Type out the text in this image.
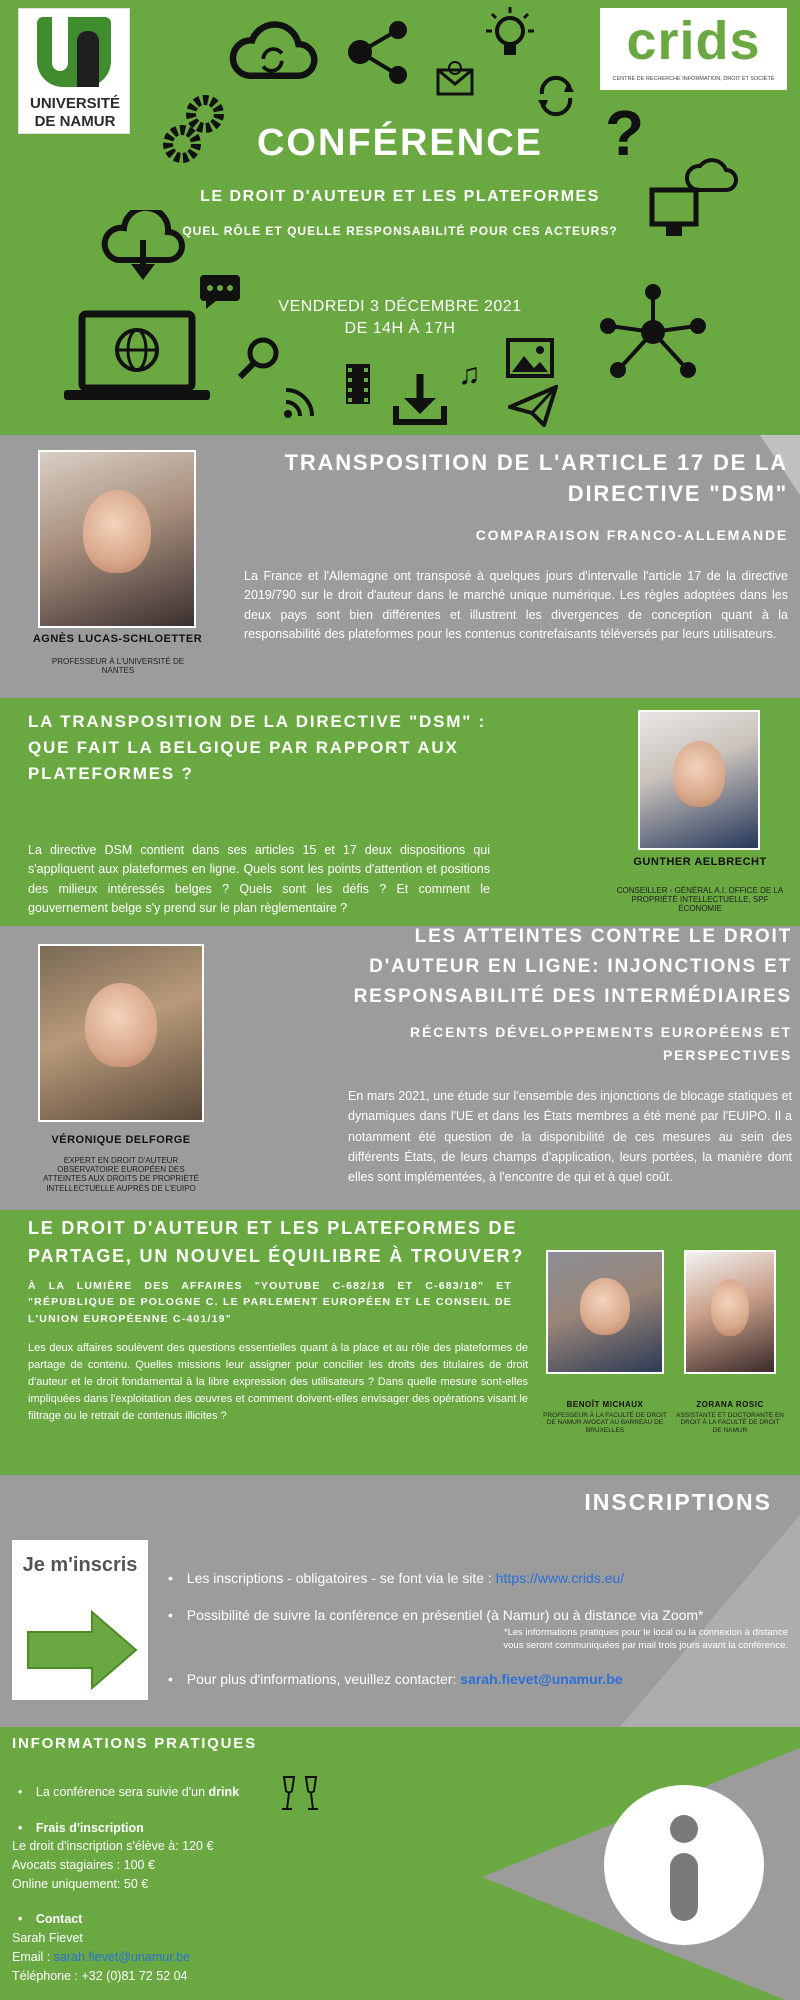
UNIVERSITÉ
DE NAMUR
crids
CENTRE DE RECHERCHE INFORMATION, DROIT ET SOCIÉTÉ
?
CONFÉRENCE
LE DROIT D'AUTEUR ET LES PLATEFORMES
QUEL RÔLE ET QUELLE RESPONSABILITÉ POUR CES ACTEURS?
VENDREDI 3 DÉCEMBRE 2021
DE 14H À 17H
♫
AGNÈS LUCAS-SCHLOETTER
PROFESSEUR À L'UNIVERSITÉ DE NANTES
TRANSPOSITION DE L'ARTICLE 17 DE LA
DIRECTIVE "DSM"
COMPARAISON FRANCO-ALLEMANDE
La France et l'Allemagne ont transposé à quelques jours d'intervalle l'article 17 de la directive 2019/790 sur le droit d'auteur dans le marché unique numérique. Les règles adoptées dans les deux pays sont bien différentes et illustrent les divergences de conception quant à la responsabilité des plateformes pour les contenus contrefaisants téléversés par leurs utilisateurs.
LA TRANSPOSITION DE LA DIRECTIVE "DSM" :
QUE FAIT LA BELGIQUE PAR RAPPORT AUX
PLATEFORMES ?
La directive DSM contient dans ses articles 15 et 17 deux dispositions qui s'appliquent aux plateformes en ligne. Quels sont les points d'attention et positions des milieux intéressés belges ? Quels sont les défis ? Et comment le gouvernement belge s'y prend sur le plan règlementaire ?
GUNTHER AELBRECHT
CONSEILLER - GÉNÉRAL A.I. OFFICE DE LA PROPRIÉTÉ INTELLECTUELLE, SPF ÉCONOMIE
VÉRONIQUE DELFORGE
EXPERT EN DROIT D'AUTEUR OBSERVATOIRE EUROPÉEN DES ATTEINTES AUX DROITS DE PROPRIÉTÉ INTELLECTUELLE AUPRÈS DE L'EUIPO
LES ATTEINTES CONTRE LE DROIT
D'AUTEUR EN LIGNE: INJONCTIONS ET
RESPONSABILITÉ DES INTERMÉDIAIRES
RÉCENTS DÉVELOPPEMENTS EUROPÉENS ET
PERSPECTIVES
En mars 2021, une étude sur l'ensemble des injonctions de blocage statiques et dynamiques dans l'UE et dans les États membres a été mené par l'EUIPO. Il a notamment été question de la disponibilité de ces mesures au sein des différents États, de leurs champs d'application, leurs portées, la manière dont elles sont implémentées, à l'encontre de qui et à quel coût.
LE DROIT D'AUTEUR ET LES PLATEFORMES DE
PARTAGE, UN NOUVEL ÉQUILIBRE À TROUVER?
À LA LUMIÈRE DES AFFAIRES "YOUTUBE C-682/18 ET C-683/18" ET "RÉPUBLIQUE DE POLOGNE C. LE PARLEMENT EUROPÉEN ET LE CONSEIL DE L'UNION EUROPÉENNE C-401/19"
Les deux affaires soulèvent des questions essentielles quant à la place et au rôle des plateformes de partage de contenu. Quelles missions leur assigner pour concilier les droits des titulaires de droit d'auteur et le droit fondamental à la libre expression des utilisateurs ? Dans quelle mesure sont-elles impliquées dans l'exploitation des œuvres et comment doivent-elles envisager des opérations visant le filtrage ou le retrait de contenus illicites ?
BENOÎT MICHAUX
PROFESSEUR À LA FACULTÉ DE DROIT DE NAMUR AVOCAT AU BARREAU DE BRUXELLES
ZORANA ROSIC
ASSISTANTE ET DOCTORANTE EN DROIT À LA FACULTÉ DE DROIT DE NAMUR
INSCRIPTIONS
Je m'inscris
• Les inscriptions - obligatoires - se font via le site : https://www.crids.eu/
• Possibilité de suivre la conférence en présentiel (à Namur) ou à distance via Zoom*
*Les informations pratiques pour le local ou la connexion à distance
vous seront communiquées par mail trois jours avant la conférence.
• Pour plus d'informations, veuillez contacter: sarah.fievet@unamur.be
INFORMATIONS PRATIQUES
• La conférence sera suivie d'un drink
• Frais d'inscription
Le droit d'inscription s'élève à: 120 €
Avocats stagiaires : 100 €
Online uniquement: 50 €
• Contact
Sarah Fievet
Email : sarah.fievet@unamur.be
Téléphone : +32 (0)81 72 52 04
